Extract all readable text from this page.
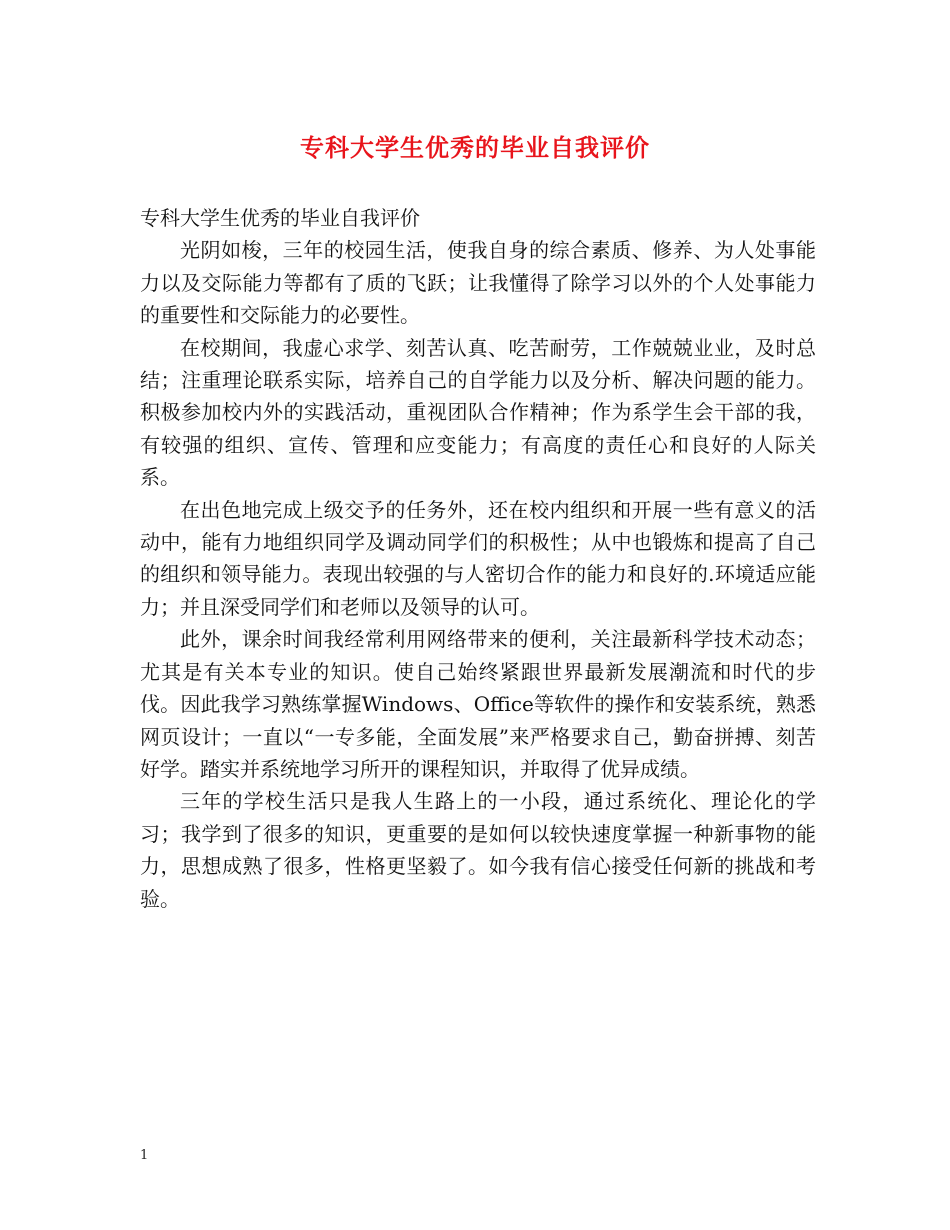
专科大学生优秀的毕业自我评价

专科大学生优秀的毕业自我评价

光阴如梭，三年的校园生活，使我自身的综合素质、修养、为人处事能力以及交际能力等都有了质的飞跃；让我懂得了除学习以外的个人处事能力的重要性和交际能力的必要性。

在校期间，我虚心求学、刻苦认真、吃苦耐劳，工作兢兢业业，及时总结；注重理论联系实际，培养自己的自学能力以及分析、解决问题的能力。积极参加校内外的实践活动，重视团队合作精神；作为系学生会干部的我，有较强的组织、宣传、管理和应变能力；有高度的责任心和良好的人际关系。

在出色地完成上级交予的任务外，还在校内组织和开展一些有意义的活动中，能有力地组织同学及调动同学们的积极性；从中也锻炼和提高了自己的组织和领导能力。表现出较强的与人密切合作的能力和良好的.环境适应能力；并且深受同学们和老师以及领导的认可。

此外，课余时间我经常利用网络带来的便利，关注最新科学技术动态；尤其是有关本专业的知识。使自己始终紧跟世界最新发展潮流和时代的步伐。因此我学习熟练掌握Windows、Office等软件的操作和安装系统，熟悉网页设计；一直以“一专多能，全面发展”来严格要求自己，勤奋拼搏、刻苦好学。踏实并系统地学习所开的课程知识，并取得了优异成绩。

三年的学校生活只是我人生路上的一小段，通过系统化、理论化的学习；我学到了很多的知识，更重要的是如何以较快速度掌握一种新事物的能力，思想成熟了很多，性格更坚毅了。如今我有信心接受任何新的挑战和考验。

1
